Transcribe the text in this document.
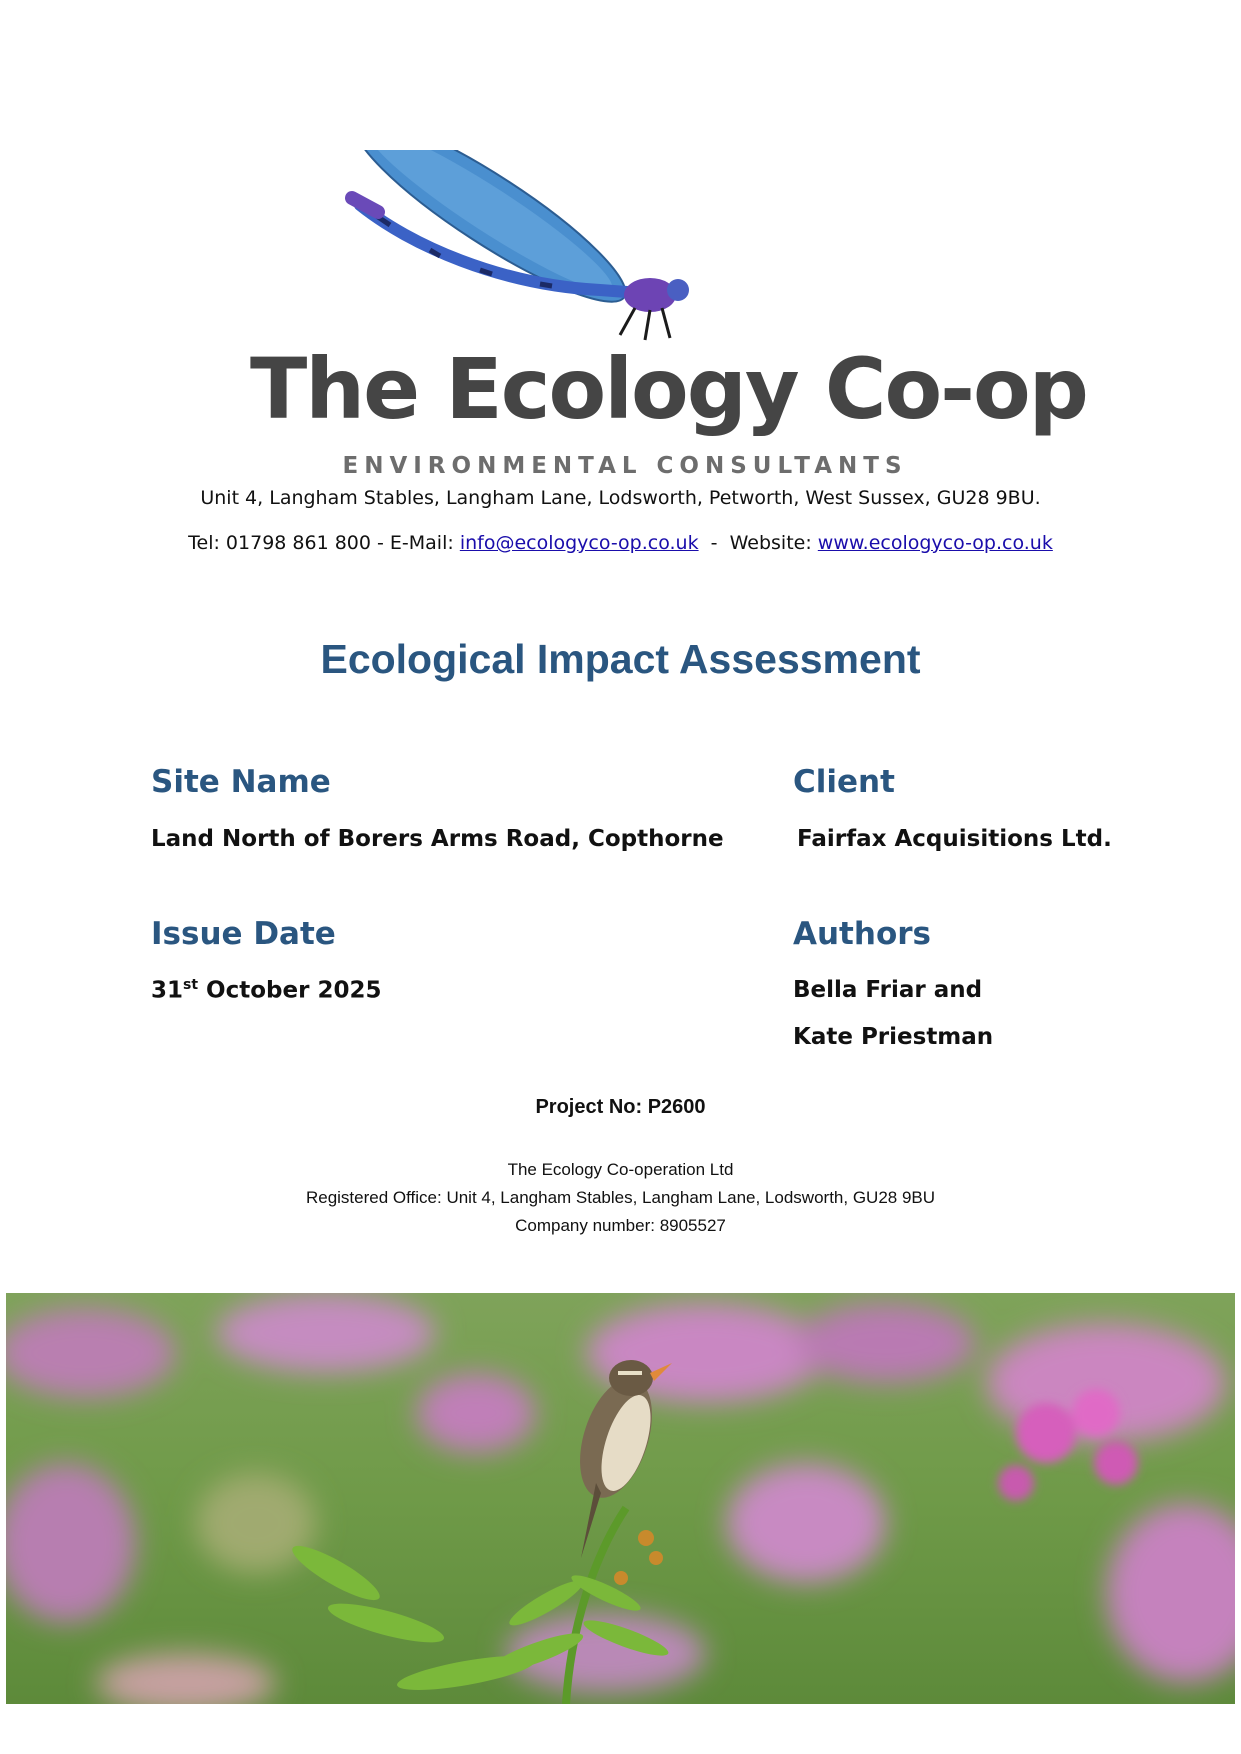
The Ecology Co-op
ENVIRONMENTAL CONSULTANTS
Unit 4, Langham Stables, Langham Lane, Lodsworth, Petworth, West Sussex, GU28 9BU.
Tel: 01798 861 800 - E-Mail: info@ecologyco-op.co.uk  -  Website: www.ecologyco-op.co.uk
Ecological Impact Assessment
Site Name
Land North of Borers Arms Road, Copthorne
Client
Fairfax Acquisitions Ltd.
Issue Date
31st October 2025
Authors
Bella Friar and
Kate Priestman
Project No: P2600
The Ecology Co-operation Ltd
Registered Office: Unit 4, Langham Stables, Langham Lane, Lodsworth, GU28 9BU
Company number: 8905527
